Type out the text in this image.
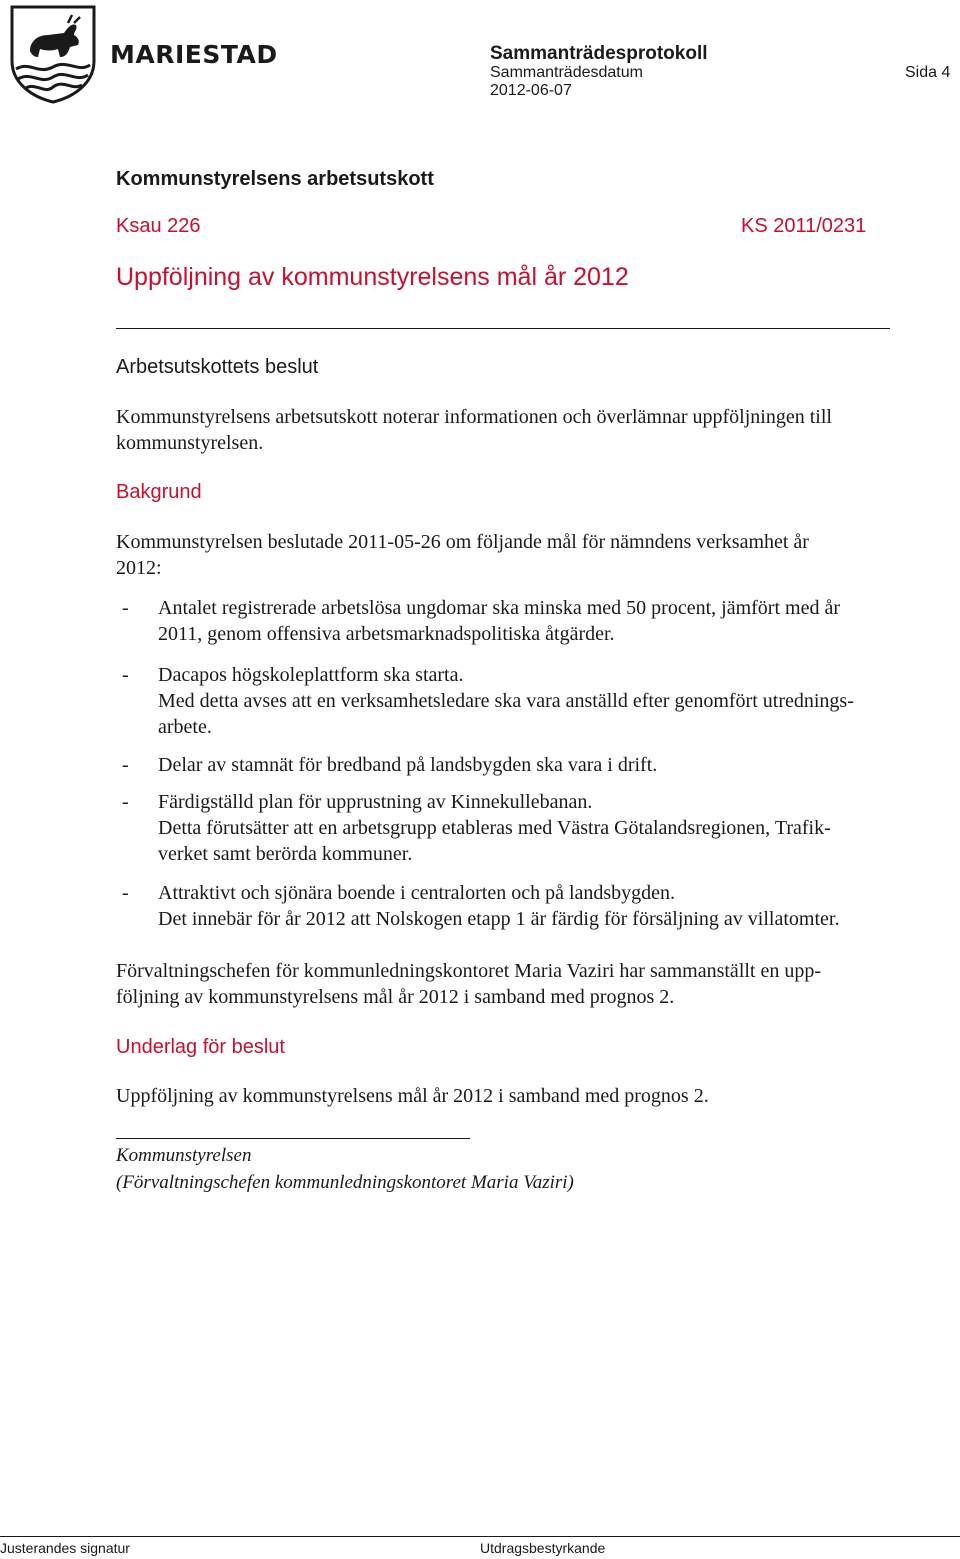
MARIESTAD	Sammanträdesprotokoll
Sammanträdesdatum
2012-06-07
Sida 4
Kommunstyrelsens arbetsutskott
Ksau 226	KS 2011/0231
Uppföljning av kommunstyrelsens mål år 2012
Arbetsutskottets beslut
Kommunstyrelsens arbetsutskott noterar informationen och överlämnar uppföljningen till
kommunstyrelsen.
Bakgrund
Kommunstyrelsen beslutade 2011-05-26 om följande mål för nämndens verksamhet år
2012:
- Antalet registrerade arbetslösa ungdomar ska minska med 50 procent, jämfört med år
2011, genom offensiva arbetsmarknadspolitiska åtgärder.
- Dacapos högskoleplattform ska starta.
Med detta avses att en verksamhetsledare ska vara anställd efter genomfört utrednings-
arbete.
- Delar av stamnät för bredband på landsbygden ska vara i drift.
- Färdigställd plan för upprustning av Kinnekullebanan.
Detta förutsätter att en arbetsgrupp etableras med Västra Götalandsregionen, Trafik-
verket samt berörda kommuner.
- Attraktivt och sjönära boende i centralorten och på landsbygden.
Det innebär för år 2012 att Nolskogen etapp 1 är färdig för försäljning av villatomter.
Förvaltningschefen för kommunledningskontoret Maria Vaziri har sammanställt en upp-
följning av kommunstyrelsens mål år 2012 i samband med prognos 2.
Underlag för beslut
Uppföljning av kommunstyrelsens mål år 2012 i samband med prognos 2.
Kommunstyrelsen
(Förvaltningschefen kommunledningskontoret Maria Vaziri)
Justerandes signatur	Utdragsbestyrkande
